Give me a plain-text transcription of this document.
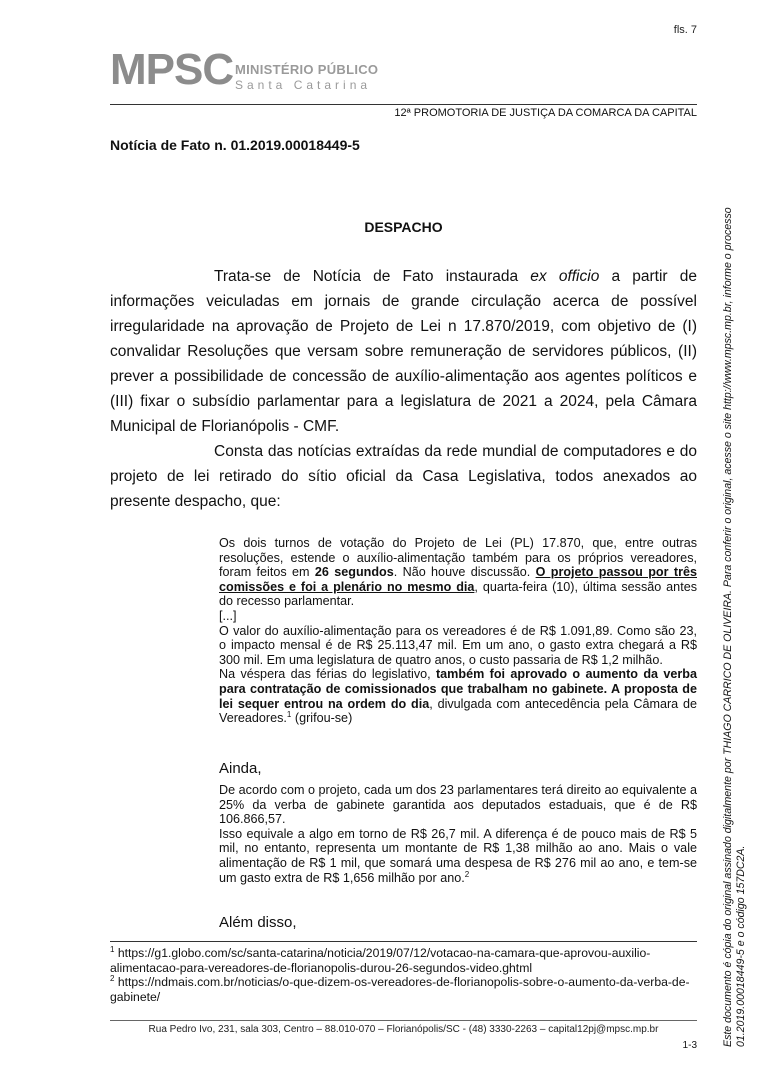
fls. 7
MPSC MINISTÉRIO PÚBLICO
Santa Catarina
12ª PROMOTORIA DE JUSTIÇA DA COMARCA DA CAPITAL
Notícia de Fato n. 01.2019.00018449-5
DESPACHO

Trata-se de Notícia de Fato instaurada ex officio a partir de informações veiculadas em jornais de grande circulação acerca de possível irregularidade na aprovação de Projeto de Lei n 17.870/2019, com objetivo de (I) convalidar Resoluções que versam sobre remuneração de servidores públicos, (II) prever a possibilidade de concessão de auxílio-alimentação aos agentes políticos e (III) fixar o subsídio parlamentar para a legislatura de 2021 a 2024, pela Câmara Municipal de Florianópolis - CMF.

Consta das notícias extraídas da rede mundial de computadores e do projeto de lei retirado do sítio oficial da Casa Legislativa, todos anexados ao presente despacho, que:

Os dois turnos de votação do Projeto de Lei (PL) 17.870, que, entre outras resoluções, estende o auxílio-alimentação também para os próprios vereadores, foram feitos em 26 segundos. Não houve discussão. O projeto passou por três comissões e foi a plenário no mesmo dia, quarta-feira (10), última sessão antes do recesso parlamentar.

[...]

O valor do auxílio-alimentação para os vereadores é de R$ 1.091,89. Como são 23, o impacto mensal é de R$ 25.113,47 mil. Em um ano, o gasto extra chegará a R$ 300 mil. Em uma legislatura de quatro anos, o custo passaria de R$ 1,2 milhão.

Na véspera das férias do legislativo, também foi aprovado o aumento da verba para contratação de comissionados que trabalham no gabinete. A proposta de lei sequer entrou na ordem do dia, divulgada com antecedência pela Câmara de Vereadores.$^1$ (grifou-se)

Ainda,

De acordo com o projeto, cada um dos 23 parlamentares terá direito ao equivalente a 25% da verba de gabinete garantida aos deputados estaduais, que é de R$ 106.866,57.

Isso equivale a algo em torno de R$ 26,7 mil. A diferença é de pouco mais de R$ 5 mil, no entanto, representa um montante de R$ 1,38 milhão ao ano. Mais o vale alimentação de R$ 1 mil, que somará uma despesa de R$ 276 mil ao ano, e tem-se um gasto extra de R$ 1,656 milhão por ano.$^2$

Além disso,

$^1$ https://g1.globo.com/sc/santa-catarina/noticia/2019/07/12/votacao-na-camara-que-aprovou-auxilio-alimentacao-para-vereadores-de-florianopolis-durou-26-segundos-video.ghtml

$^2$ https://ndmais.com.br/noticias/o-que-dizem-os-vereadores-de-florianopolis-sobre-o-aumento-da-verba-de-gabinete/

Rua Pedro Ivo, 231, sala 303, Centro – 88.010-070 – Florianópolis/SC - (48) 3330-2263 – capital12pj@mpsc.mp.br
1-3 Este documento é cópia do original assinado digitalmente por THIAGO CARRICO DE OLIVEIRA. Para conferir o original, acesse o site http://www.mpsc.mp.br, informe o processo 01.2019.00018449-5 e o código 157DC2A.
